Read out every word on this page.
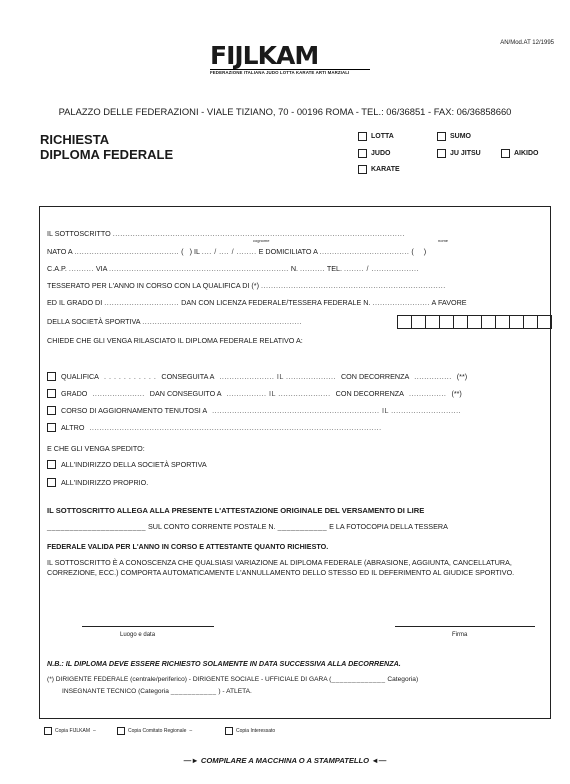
AN/Mod.AT 12/1995
FIJLKAM
FEDERAZIONE ITALIANA JUDO LOTTA KARATE ARTI MARZIALI
PALAZZO DELLE FEDERAZIONI - VIALE TIZIANO, 70 - 00196 ROMA - TEL.: 06/36851 - FAX: 06/36858660
RICHIESTA
DIPLOMA FEDERALE
LOTTA	SUMO
JUDO	JU JITSU	AIKIDO
KARATE
IL SOTTOSCRITTO .....................................................................................................................
cognome	nome
NATO A .......................................... (   ) IL .... / .... / ........ E DOMICILIATO A .................................... (     )
C.A.P. .......... VIA ........................................................................ N. .......... TEL. ........ / ...................
TESSERATO PER L'ANNO IN CORSO CON LA QUALIFICA DI (*) ..........................................................................
ED IL GRADO DI .............................. DAN CON LICENZA FEDERALE/TESSERA FEDERALE N. ....................... A FAVORE
DELLA SOCIETÀ SPORTIVA ................................................................
CHIEDE CHE GLI VENGA RILASCIATO IL DIPLOMA FEDERALE RELATIVO A:
QUALIFICA . . . . . . . . . . . CONSEGUITA A ...................... IL .................... CON DECORRENZA ............... (**)
GRADO ..................... DAN CONSEGUITO A ................ IL ..................... CON DECORRENZA ............... (**)
CORSO DI AGGIORNAMENTO TENUTOSI A ................................................................... IL ............................
ALTRO .....................................................................................................................
E CHE GLI VENGA SPEDITO:
ALL'INDIRIZZO DELLA SOCIETÀ SPORTIVA
ALL'INDIRIZZO PROPRIO.
IL SOTTOSCRITTO ALLEGA ALLA PRESENTE L'ATTESTAZIONE ORIGINALE DEL VERSAMENTO DI LIRE
______________________ SUL CONTO CORRENTE POSTALE N. ___________ E LA FOTOCOPIA DELLA TESSERA
FEDERALE VALIDA PER L'ANNO IN CORSO E ATTESTANTE QUANTO RICHIESTO.
IL SOTTOSCRITTO È A CONOSCENZA CHE QUALSIASI VARIAZIONE AL DIPLOMA FEDERALE (ABRASIONE, AGGIUNTA, CANCELLATURA, CORREZIONE, ECC.) COMPORTA AUTOMATICAMENTE L'ANNULLAMENTO DELLO STESSO ED IL DEFERIMENTO AL GIUDICE SPORTIVO.
Luogo e data	Firma
N.B.: IL DIPLOMA DEVE ESSERE RICHIESTO SOLAMENTE IN DATA SUCCESSIVA ALLA DECORRENZA.
(*) DIRIGENTE FEDERALE (centrale/periferico) - DIRIGENTE SOCIALE - UFFICIALE DI GARA (_____________ Categoria)
INSEGNANTE TECNICO (Categoria ___________ ) - ATLETA.
Copia FIJLKAM –	Copia Comitato Regionale –	Copia Interessato
—► COMPILARE A MACCHINA O A STAMPATELLO ◄—
